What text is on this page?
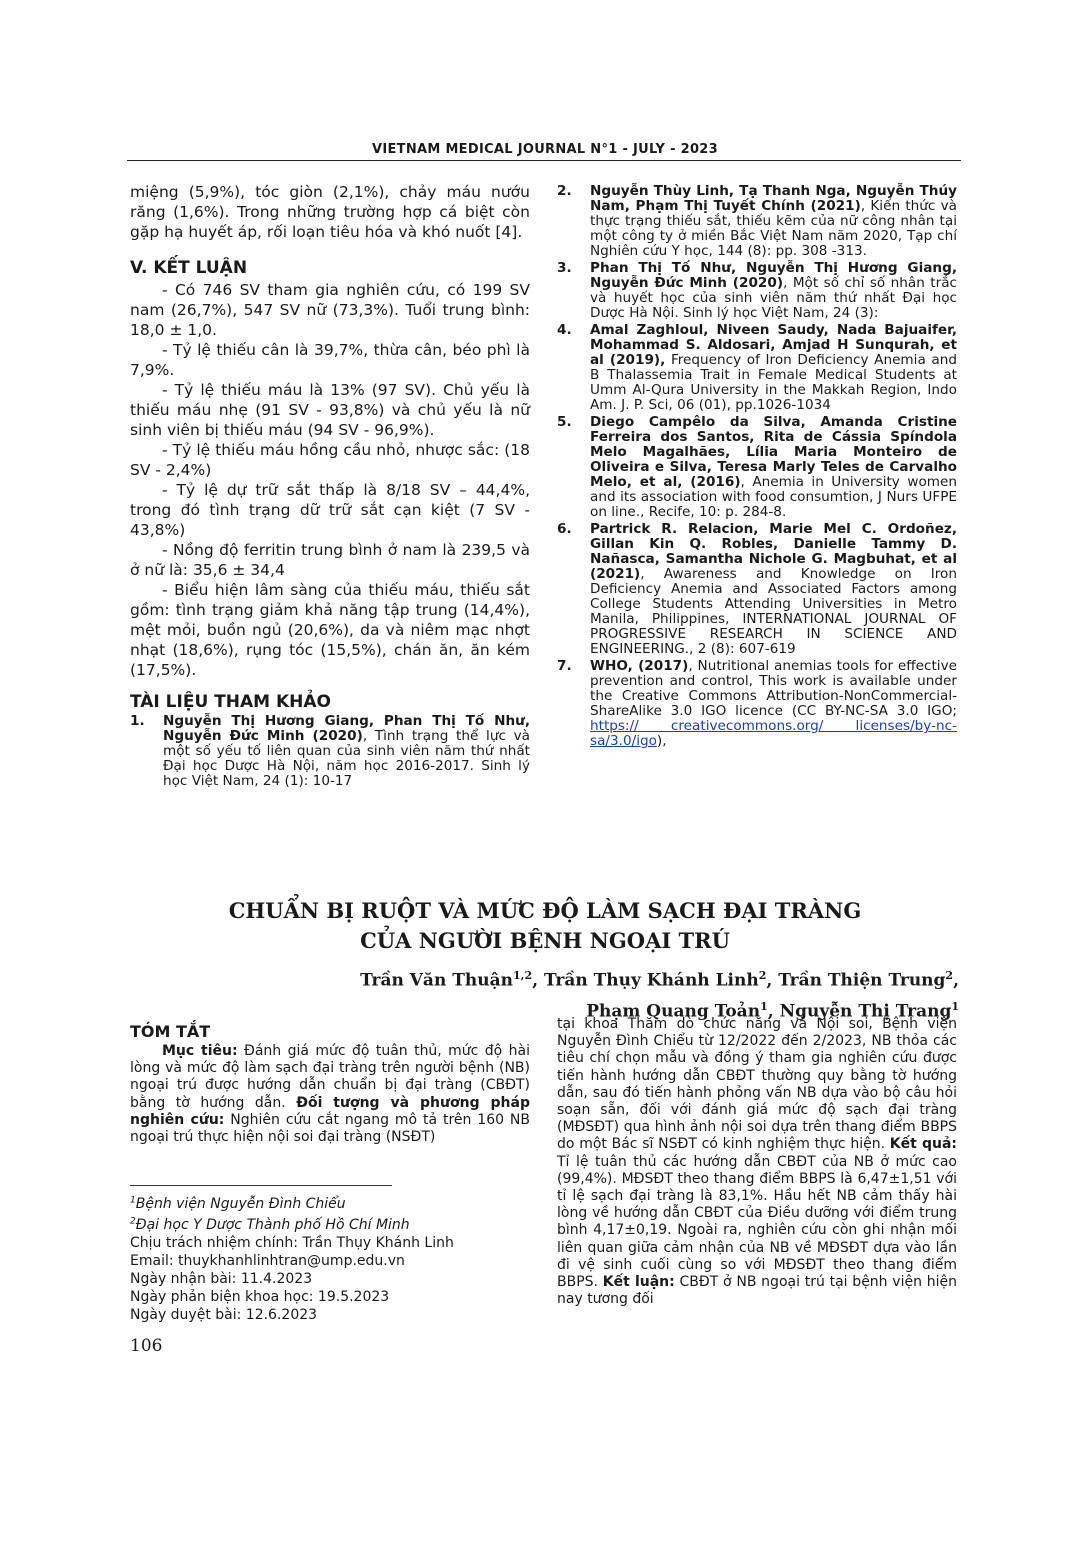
VIETNAM MEDICAL JOURNAL N°1 - JULY - 2023

miệng (5,9%), tóc giòn (2,1%), chảy máu nướu răng (1,6%). Trong những trường hợp cá biệt còn gặp hạ huyết áp, rối loạn tiêu hóa và khó nuốt [4].

V. KẾT LUẬN

- Có 746 SV tham gia nghiên cứu, có 199 SV nam (26,7%), 547 SV nữ (73,3%). Tuổi trung bình: 18,0 ± 1,0.

- Tỷ lệ thiếu cân là 39,7%, thừa cân, béo phì là 7,9%.

- Tỷ lệ thiếu máu là 13% (97 SV). Chủ yếu là thiếu máu nhẹ (91 SV - 93,8%) và chủ yếu là nữ sinh viên bị thiếu máu (94 SV - 96,9%).

- Tỷ lệ thiếu máu hồng cầu nhỏ, nhược sắc: (18 SV - 2,4%)

- Tỷ lệ dự trữ sắt thấp là 8/18 SV – 44,4%, trong đó tình trạng dữ trữ sắt cạn kiệt (7 SV - 43,8%)

- Nồng độ ferritin trung bình ở nam là 239,5 và ở nữ là: 35,6 ± 34,4

- Biểu hiện lâm sàng của thiếu máu, thiếu sắt gồm: tình trạng giảm khả năng tập trung (14,4%), mệt mỏi, buồn ngủ (20,6%), da và niêm mạc nhợt nhạt (18,6%), rụng tóc (15,5%), chán ăn, ăn kém (17,5%).

TÀI LIỆU THAM KHẢO

1. Nguyễn Thị Hương Giang, Phan Thị Tố Như, Nguyễn Đức Minh (2020), Tình trạng thể lực và một số yếu tố liên quan của sinh viên năm thứ nhất Đại học Dược Hà Nội, năm học 2016-2017. Sinh lý học Việt Nam, 24 (1): 10-17

2. Nguyễn Thùy Linh, Tạ Thanh Nga, Nguyễn Thúy Nam, Phạm Thị Tuyết Chính (2021), Kiến thức và thực trạng thiếu sắt, thiếu kẽm của nữ công nhân tại một công ty ở miền Bắc Việt Nam năm 2020, Tạp chí Nghiên cứu Y học, 144 (8): pp. 308 -313.

3. Phan Thị Tố Như, Nguyễn Thị Hương Giang, Nguyễn Đức Minh (2020), Một số chỉ số nhân trắc và huyết học của sinh viên năm thứ nhất Đại học Dược Hà Nội. Sinh lý học Việt Nam, 24 (3):

4. Amal Zaghloul, Niveen Saudy, Nada Bajuaifer, Mohammad S. Aldosari, Amjad H Sunqurah, et al (2019), Frequency of Iron Deficiency Anemia and B Thalassemia Trait in Female Medical Students at Umm Al-Qura University in the Makkah Region, Indo Am. J. P. Sci, 06 (01), pp.1026-1034

5. Diego Campêlo da Silva, Amanda Cristine Ferreira dos Santos, Rita de Cássia Spíndola Melo Magalhães, Lília Maria Monteiro de Oliveira e Silva, Teresa Marly Teles de Carvalho Melo, et al, (2016), Anemia in University women and its association with food consumtion, J Nurs UFPE on line., Recife, 10: p. 284-8.

6. Partrick R. Relacion, Marie Mel C. Ordoñez, Gillan Kin Q. Robles, Danielle Tammy D. Nañasca, Samantha Nichole G. Magbuhat, et al (2021), Awareness and Knowledge on Iron Deficiency Anemia and Associated Factors among College Students Attending Universities in Metro Manila, Philippines, INTERNATIONAL JOURNAL OF PROGRESSIVE RESEARCH IN SCIENCE AND ENGINEERING., 2 (8): 607-619

7. WHO, (2017), Nutritional anemias tools for effective prevention and control, This work is available under the Creative Commons Attribution-NonCommercial-ShareAlike 3.0 IGO licence (CC BY-NC-SA 3.0 IGO; https:// creativecommons.org/ licenses/by-nc-sa/3.0/igo),

CHUẨN BỊ RUỘT VÀ MỨC ĐỘ LÀM SẠCH ĐẠI TRÀNG
CỦA NGƯỜI BỆNH NGOẠI TRÚ
Trần Văn Thuận$^{1,2}$, Trần Thụy Khánh Linh$^2$, Trần Thiện Trung$^2$,
Phạm Quang Toản$^1$, Nguyễn Thị Trang$^1$

TÓM TẮT

Mục tiêu: Đánh giá mức độ tuân thủ, mức độ hài lòng và mức độ làm sạch đại tràng trên người bệnh (NB) ngoại trú được hướng dẫn chuẩn bị đại tràng (CBĐT) bằng tờ hướng dẫn. Đối tượng và phương pháp nghiên cứu: Nghiên cứu cắt ngang mô tả trên 160 NB ngoại trú thực hiện nội soi đại tràng (NSĐT)

tại khoa Thăm dò chức năng và Nội soi, Bệnh viện Nguyễn Đình Chiểu từ 12/2022 đến 2/2023, NB thỏa các tiêu chí chọn mẫu và đồng ý tham gia nghiên cứu được tiến hành hướng dẫn CBĐT thường quy bằng tờ hướng dẫn, sau đó tiến hành phỏng vấn NB dựa vào bộ câu hỏi soạn sẵn, đối với đánh giá mức độ sạch đại tràng (MĐSĐT) qua hình ảnh nội soi dựa trên thang điểm BBPS do một Bác sĩ NSĐT có kinh nghiệm thực hiện. Kết quả: Tỉ lệ tuân thủ các hướng dẫn CBĐT của NB ở mức cao (99,4%). MĐSĐT theo thang điểm BBPS là 6,47±1,51 với tỉ lệ sạch đại tràng là 83,1%. Hầu hết NB cảm thấy hài lòng về hướng dẫn CBĐT của Điều dưỡng với điểm trung bình 4,17±0,19. Ngoài ra, nghiên cứu còn ghi nhận mối liên quan giữa cảm nhận của NB về MĐSĐT dựa vào lần đi vệ sinh cuối cùng so với MĐSĐT theo thang điểm BBPS. Kết luận: CBĐT ở NB ngoại trú tại bệnh viện hiện nay tương đối

$^1$Bệnh viện Nguyễn Đình Chiểu
$^2$Đại học Y Dược Thành phố Hồ Chí Minh
Chịu trách nhiệm chính: Trần Thụy Khánh Linh
Email: thuykhanhlinhtran@ump.edu.vn
Ngày nhận bài: 11.4.2023
Ngày phản biện khoa học: 19.5.2023
Ngày duyệt bài: 12.6.2023
106
